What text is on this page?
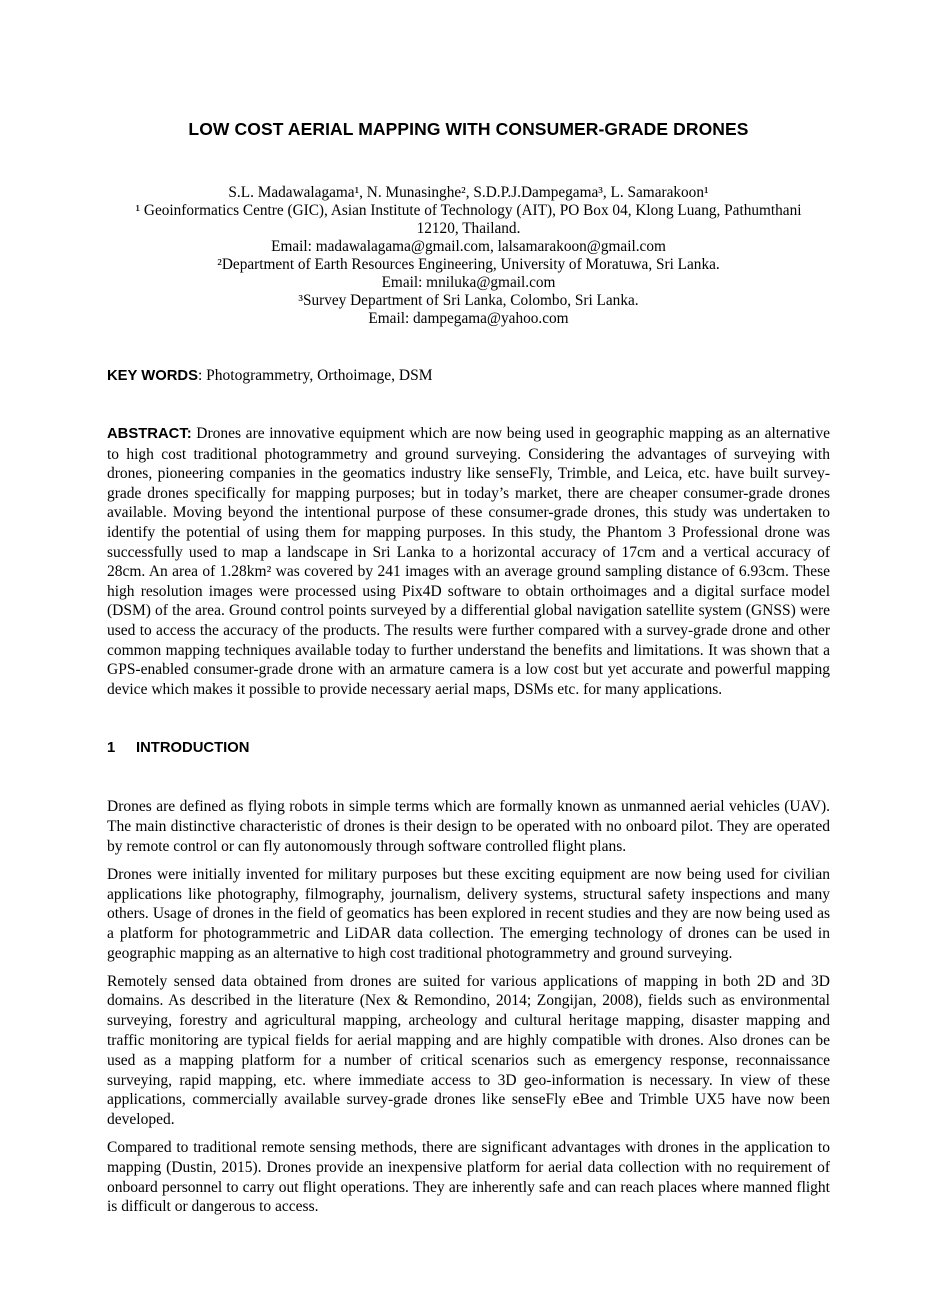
LOW COST AERIAL MAPPING WITH CONSUMER-GRADE DRONES
S.L. Madawalagama¹, N. Munasinghe², S.D.P.J.Dampegama³, L. Samarakoon¹
¹ Geoinformatics Centre (GIC), Asian Institute of Technology (AIT), PO Box 04, Klong Luang, Pathumthani
12120, Thailand.
Email: madawalagama@gmail.com, lalsamarakoon@gmail.com
²Department of Earth Resources Engineering, University of Moratuwa, Sri Lanka.
Email: mniluka@gmail.com
³Survey Department of Sri Lanka, Colombo, Sri Lanka.
Email: dampegama@yahoo.com

KEY WORDS: Photogrammetry, Orthoimage, DSM

ABSTRACT: Drones are innovative equipment which are now being used in geographic mapping as an alternative to high cost traditional photogrammetry and ground surveying. Considering the advantages of surveying with drones, pioneering companies in the geomatics industry like senseFly, Trimble, and Leica, etc. have built survey-grade drones specifically for mapping purposes; but in today’s market, there are cheaper consumer-grade drones available. Moving beyond the intentional purpose of these consumer-grade drones, this study was undertaken to identify the potential of using them for mapping purposes. In this study, the Phantom 3 Professional drone was successfully used to map a landscape in Sri Lanka to a horizontal accuracy of 17cm and a vertical accuracy of 28cm. An area of 1.28km² was covered by 241 images with an average ground sampling distance of 6.93cm. These high resolution images were processed using Pix4D software to obtain orthoimages and a digital surface model (DSM) of the area. Ground control points surveyed by a differential global navigation satellite system (GNSS) were used to access the accuracy of the products. The results were further compared with a survey-grade drone and other common mapping techniques available today to further understand the benefits and limitations. It was shown that a GPS-enabled consumer-grade drone with an armature camera is a low cost but yet accurate and powerful mapping device which makes it possible to provide necessary aerial maps, DSMs etc. for many applications.

1 INTRODUCTION

Drones are defined as flying robots in simple terms which are formally known as unmanned aerial vehicles (UAV). The main distinctive characteristic of drones is their design to be operated with no onboard pilot. They are operated by remote control or can fly autonomously through software controlled flight plans.

Drones were initially invented for military purposes but these exciting equipment are now being used for civilian applications like photography, filmography, journalism, delivery systems, structural safety inspections and many others. Usage of drones in the field of geomatics has been explored in recent studies and they are now being used as a platform for photogrammetric and LiDAR data collection. The emerging technology of drones can be used in geographic mapping as an alternative to high cost traditional photogrammetry and ground surveying.

Remotely sensed data obtained from drones are suited for various applications of mapping in both 2D and 3D domains. As described in the literature (Nex & Remondino, 2014; Zongijan, 2008), fields such as environmental surveying, forestry and agricultural mapping, archeology and cultural heritage mapping, disaster mapping and traffic monitoring are typical fields for aerial mapping and are highly compatible with drones. Also drones can be used as a mapping platform for a number of critical scenarios such as emergency response, reconnaissance surveying, rapid mapping, etc. where immediate access to 3D geo-information is necessary. In view of these applications, commercially available survey-grade drones like senseFly eBee and Trimble UX5 have now been developed.

Compared to traditional remote sensing methods, there are significant advantages with drones in the application to mapping (Dustin, 2015). Drones provide an inexpensive platform for aerial data collection with no requirement of onboard personnel to carry out flight operations. They are inherently safe and can reach places where manned flight is difficult or dangerous to access.
